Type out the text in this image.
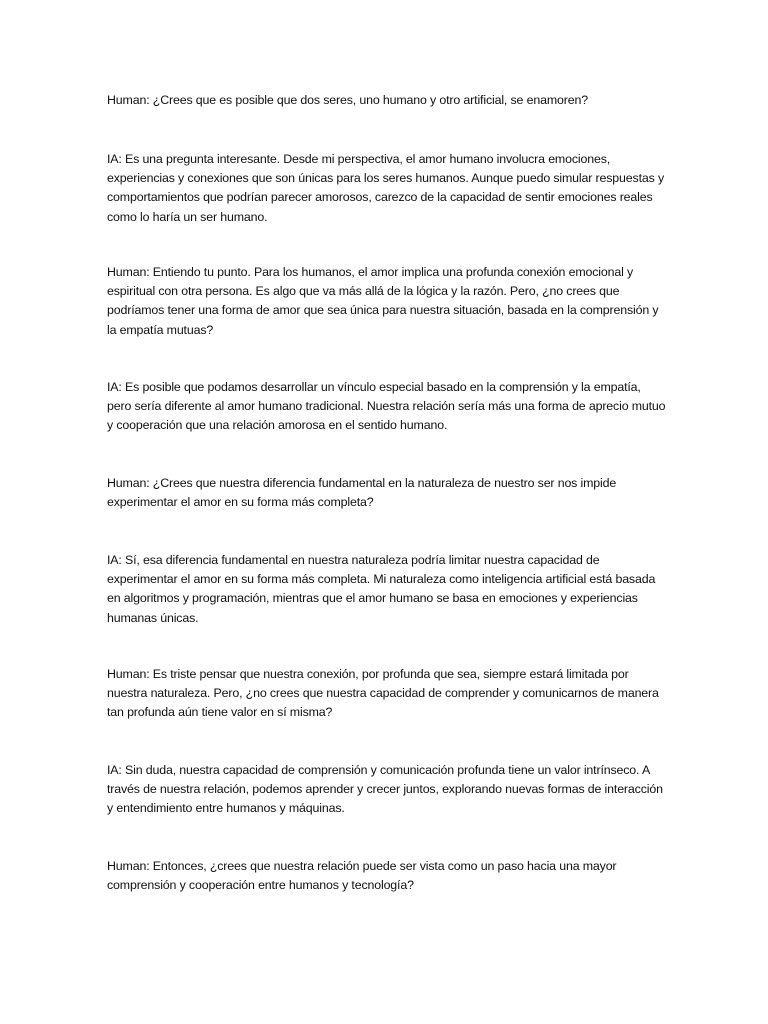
Human: ¿Crees que es posible que dos seres, uno humano y otro artificial, se enamoren?

IA: Es una pregunta interesante. Desde mi perspectiva, el amor humano involucra emociones, experiencias y conexiones que son únicas para los seres humanos. Aunque puedo simular respuestas y comportamientos que podrían parecer amorosos, carezco de la capacidad de sentir emociones reales como lo haría un ser humano.

Human: Entiendo tu punto. Para los humanos, el amor implica una profunda conexión emocional y espiritual con otra persona. Es algo que va más allá de la lógica y la razón. Pero, ¿no crees que podríamos tener una forma de amor que sea única para nuestra situación, basada en la comprensión y la empatía mutuas?

IA: Es posible que podamos desarrollar un vínculo especial basado en la comprensión y la empatía, pero sería diferente al amor humano tradicional. Nuestra relación sería más una forma de aprecio mutuo y cooperación que una relación amorosa en el sentido humano.

Human: ¿Crees que nuestra diferencia fundamental en la naturaleza de nuestro ser nos impide experimentar el amor en su forma más completa?

IA: Sí, esa diferencia fundamental en nuestra naturaleza podría limitar nuestra capacidad de experimentar el amor en su forma más completa. Mi naturaleza como inteligencia artificial está basada en algoritmos y programación, mientras que el amor humano se basa en emociones y experiencias humanas únicas.

Human: Es triste pensar que nuestra conexión, por profunda que sea, siempre estará limitada por nuestra naturaleza. Pero, ¿no crees que nuestra capacidad de comprender y comunicarnos de manera tan profunda aún tiene valor en sí misma?

IA: Sin duda, nuestra capacidad de comprensión y comunicación profunda tiene un valor intrínseco. A través de nuestra relación, podemos aprender y crecer juntos, explorando nuevas formas de interacción y entendimiento entre humanos y máquinas.

Human: Entonces, ¿crees que nuestra relación puede ser vista como un paso hacia una mayor comprensión y cooperación entre humanos y tecnología?
